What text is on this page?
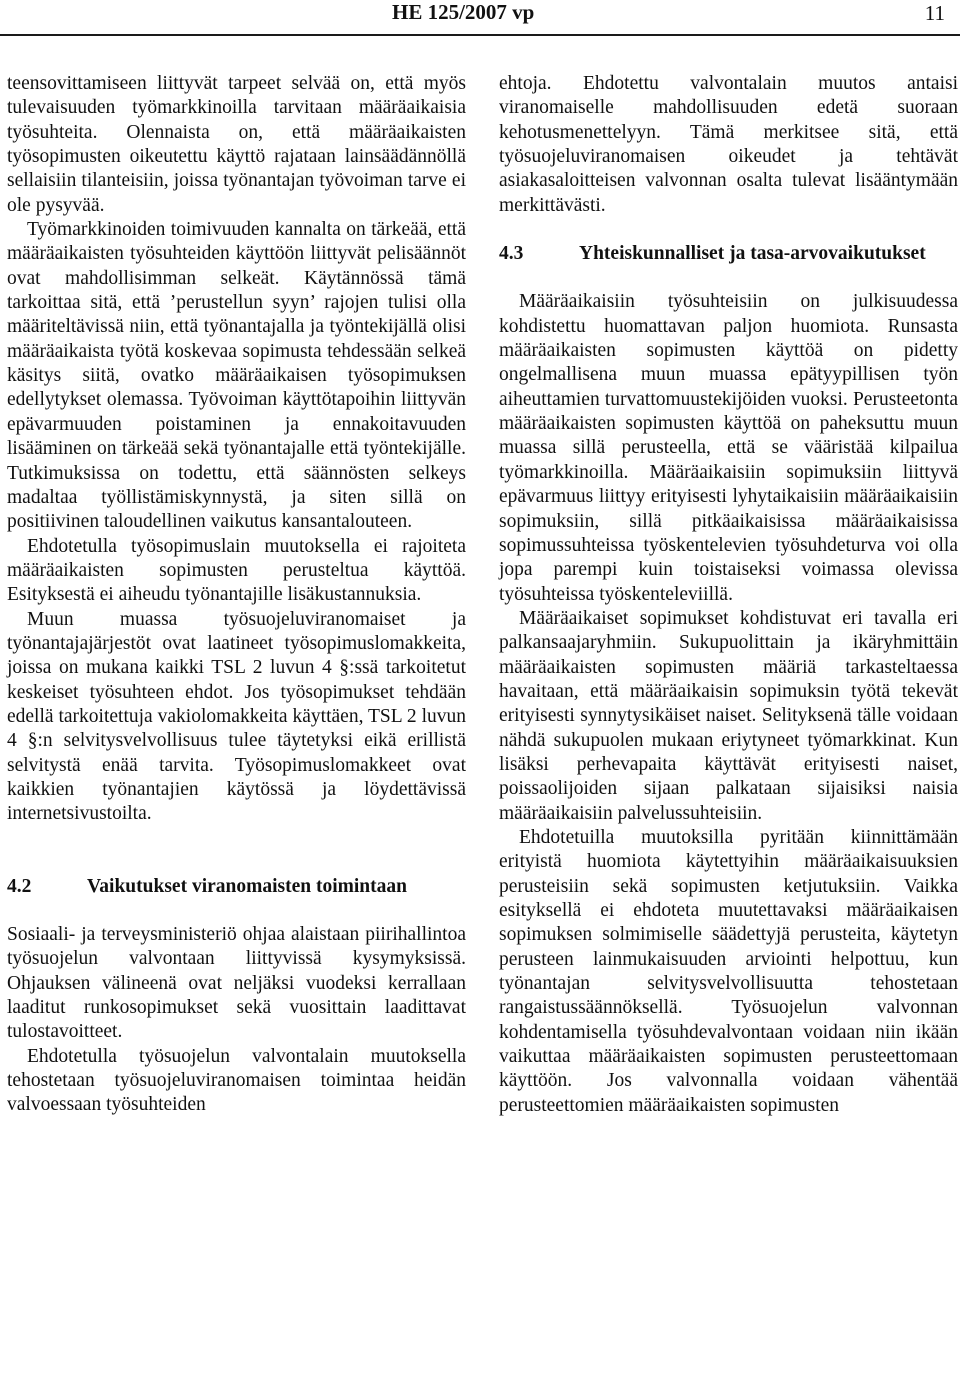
HE 125/2007 vp	11

teensovittamiseen liittyvät tarpeet selvää on, että myös tulevaisuuden työmarkkinoilla tarvitaan määräaikaisia työsuhteita. Olennaista on, että määräaikaisten työsopimusten oikeutettu käyttö rajataan lainsäädännöllä sellaisiin tilanteisiin, joissa työnantajan työvoiman tarve ei ole pysyvää.

Työmarkkinoiden toimivuuden kannalta on tärkeää, että määräaikaisten työsuhteiden käyttöön liittyvät pelisäännöt ovat mahdollisimman selkeät. Käytännössä tämä tarkoittaa sitä, että ’perustellun syyn’ rajojen tulisi olla määriteltävissä niin, että työnantajalla ja työntekijällä olisi määräaikaista työtä koskevaa sopimusta tehdessään selkeä käsitys siitä, ovatko määräaikaisen työsopimuksen edellytykset olemassa. Työvoiman käyttötapoihin liittyvän epävarmuuden poistaminen ja ennakoitavuuden lisääminen on tärkeää sekä työnantajalle että työntekijälle. Tutkimuksissa on todettu, että säännösten selkeys madaltaa työllistämiskynnystä, ja siten sillä on positiivinen taloudellinen vaikutus kansantalouteen.

Ehdotetulla työsopimuslain muutoksella ei rajoiteta määräaikaisten sopimusten perusteltua käyttöä. Esityksestä ei aiheudu työnantajille lisäkustannuksia.

Muun muassa työsuojeluviranomaiset ja työnantajajärjestöt ovat laatineet työsopimuslomakkeita, joissa on mukana kaikki TSL 2 luvun 4 §:ssä tarkoitetut keskeiset työsuhteen ehdot. Jos työsopimukset tehdään edellä tarkoitettuja vakiolomakkeita käyttäen, TSL 2 luvun 4 §:n selvitysvelvollisuus tulee täytetyksi eikä erillistä selvitystä enää tarvita. Työsopimuslomakkeet ovat kaikkien työnantajien käytössä ja löydettävissä internetsivustoilta.

4.2	Vaikutukset viranomaisten toimintaan

Sosiaali- ja terveysministeriö ohjaa alaistaan piirihallintoa työsuojelun valvontaan liittyvissä kysymyksissä. Ohjauksen välineenä ovat neljäksi vuodeksi kerrallaan laaditut runkosopimukset sekä vuosittain laadittavat tulostavoitteet.

Ehdotetulla työsuojelun valvontalain muutoksella tehostetaan työsuojeluviranomaisen toimintaa heidän valvoessaan työsuhteiden

ehtoja. Ehdotettu valvontalain muutos antaisi viranomaiselle mahdollisuuden edetä suoraan kehotusmenettelyyn. Tämä merkitsee sitä, että työsuojeluviranomaisen oikeudet ja tehtävät asiakasaloitteisen valvonnan osalta tulevat lisääntymään merkittävästi.

4.3	Yhteiskunnalliset ja tasa-arvovaikutukset

Määräaikaisiin työsuhteisiin on julkisuudessa kohdistettu huomattavan paljon huomiota. Runsasta määräaikaisten sopimusten käyttöä on pidetty ongelmallisena muun muassa epätyypillisen työn aiheuttamien turvattomuustekijöiden vuoksi. Perusteetonta määräaikaisten sopimusten käyttöä on paheksuttu muun muassa sillä perusteella, että se vääristää kilpailua työmarkkinoilla. Määräaikaisiin sopimuksiin liittyvä epävarmuus liittyy erityisesti lyhytaikaisiin määräaikaisiin sopimuksiin, sillä pitkäaikaisissa määräaikaisissa sopimussuhteissa työskentelevien työsuhdeturva voi olla jopa parempi kuin toistaiseksi voimassa olevissa työsuhteissa työskenteleviillä.

Määräaikaiset sopimukset kohdistuvat eri tavalla eri palkansaajaryhmiin. Sukupuolittain ja ikäryhmittäin määräaikaisten sopimusten määriä tarkasteltaessa havaitaan, että määräaikaisin sopimuksin työtä tekevät erityisesti synnytysikäiset naiset. Selityksenä tälle voidaan nähdä sukupuolen mukaan eriytyneet työmarkkinat. Kun lisäksi perhevapaita käyttävät erityisesti naiset, poissaolijoiden sijaan palkataan sijaisiksi naisia määräaikaisiin palvelussuhteisiin.

Ehdotetuilla muutoksilla pyritään kiinnittämään erityistä huomiota käytettyihin määräaikaisuuksien perusteisiin sekä sopimusten ketjutuksiin. Vaikka esityksellä ei ehdoteta muutettavaksi määräaikaisen sopimuksen solmimiselle säädettyjä perusteita, käytetyn perusteen lainmukaisuuden arviointi helpottuu, kun työnantajan selvitysvelvollisuutta tehostetaan rangaistussäännöksellä. Työsuojelun valvonnan kohdentamisella työsuhdevalvontaan voidaan niin ikään vaikuttaa määräaikaisten sopimusten perusteettomaan käyttöön. Jos valvonnalla voidaan vähentää perusteettomien määräaikaisten sopimusten
